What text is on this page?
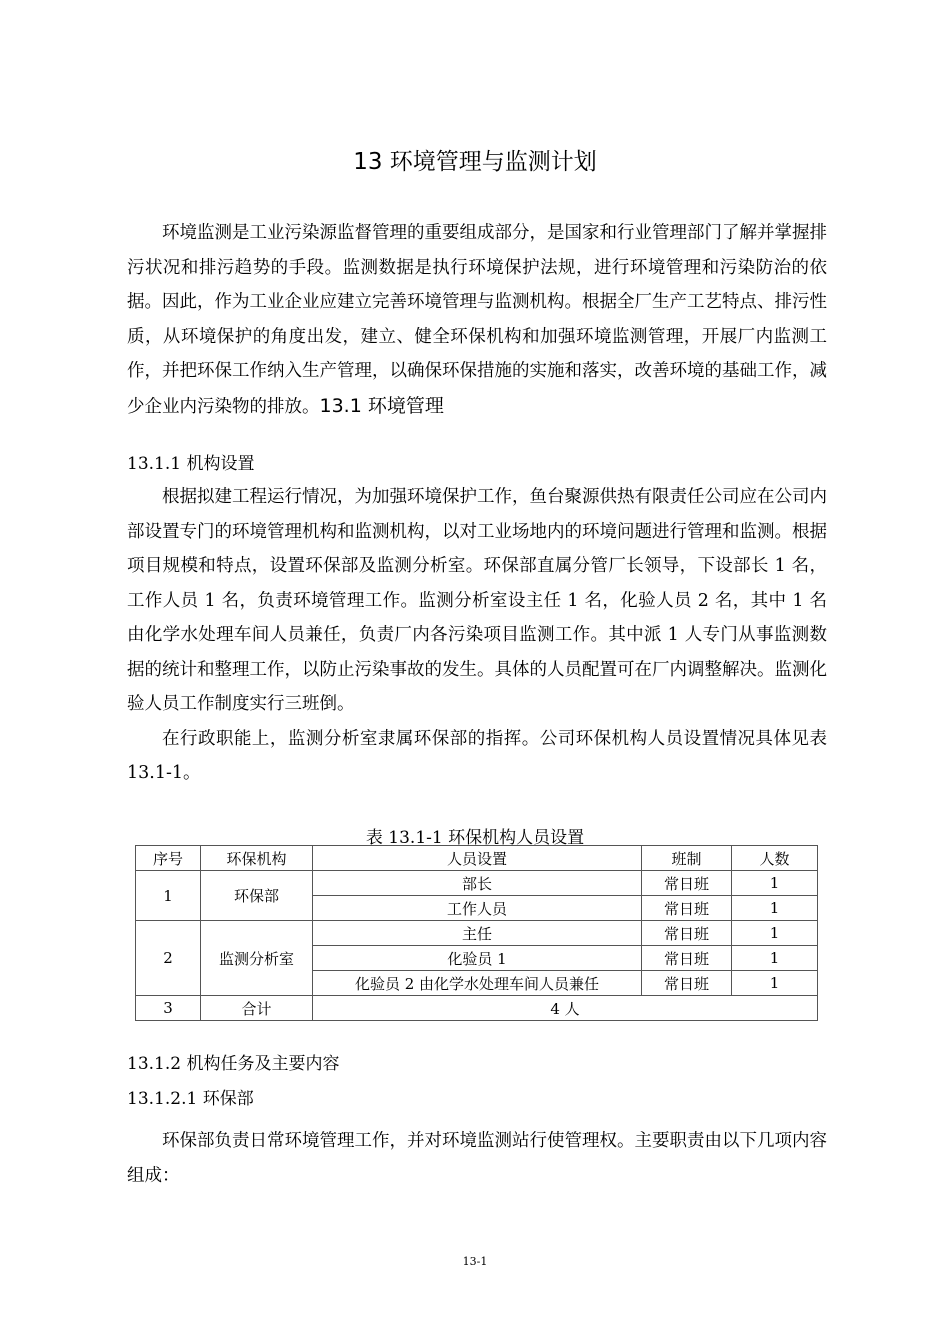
13 环境管理与监测计划

环境监测是工业污染源监督管理的重要组成部分，是国家和行业管理部门了解并掌握排污状况和排污趋势的手段。监测数据是执行环境保护法规，进行环境管理和污染防治的依据。因此，作为工业企业应建立完善环境管理与监测机构。根据全厂生产工艺特点、排污性质，从环境保护的角度出发，建立、健全环保机构和加强环境监测管理，开展厂内监测工作，并把环保工作纳入生产管理，以确保环保措施的实施和落实，改善环境的基础工作，减少企业内污染物的排放。13.1 环境管理

13.1.1 机构设置

根据拟建工程运行情况，为加强环境保护工作，鱼台聚源供热有限责任公司应在公司内部设置专门的环境管理机构和监测机构，以对工业场地内的环境问题进行管理和监测。根据项目规模和特点，设置环保部及监测分析室。环保部直属分管厂长领导，下设部长 1 名，工作人员 1 名，负责环境管理工作。监测分析室设主任 1 名，化验人员 2 名，其中 1 名由化学水处理车间人员兼任，负责厂内各污染项目监测工作。其中派 1 人专门从事监测数据的统计和整理工作，以防止污染事故的发生。具体的人员配置可在厂内调整解决。监测化验人员工作制度实行三班倒。

在行政职能上，监测分析室隶属环保部的指挥。公司环保机构人员设置情况具体见表 13.1-1。

表 13.1-1 环保机构人员设置
序号	环保机构	人员设置	班制	人数
1	环保部	部长	常日班	1
		工作人员	常日班	1
2	监测分析室	主任	常日班	1
		化验员 1	常日班	1
		化验员 2 由化学水处理车间人员兼任	常日班	1
3	合计	4 人		
13.1.2 机构任务及主要内容
13.1.2.1 环保部

环保部负责日常环境管理工作，并对环境监测站行使管理权。主要职责由以下几项内容组成：

13-1
